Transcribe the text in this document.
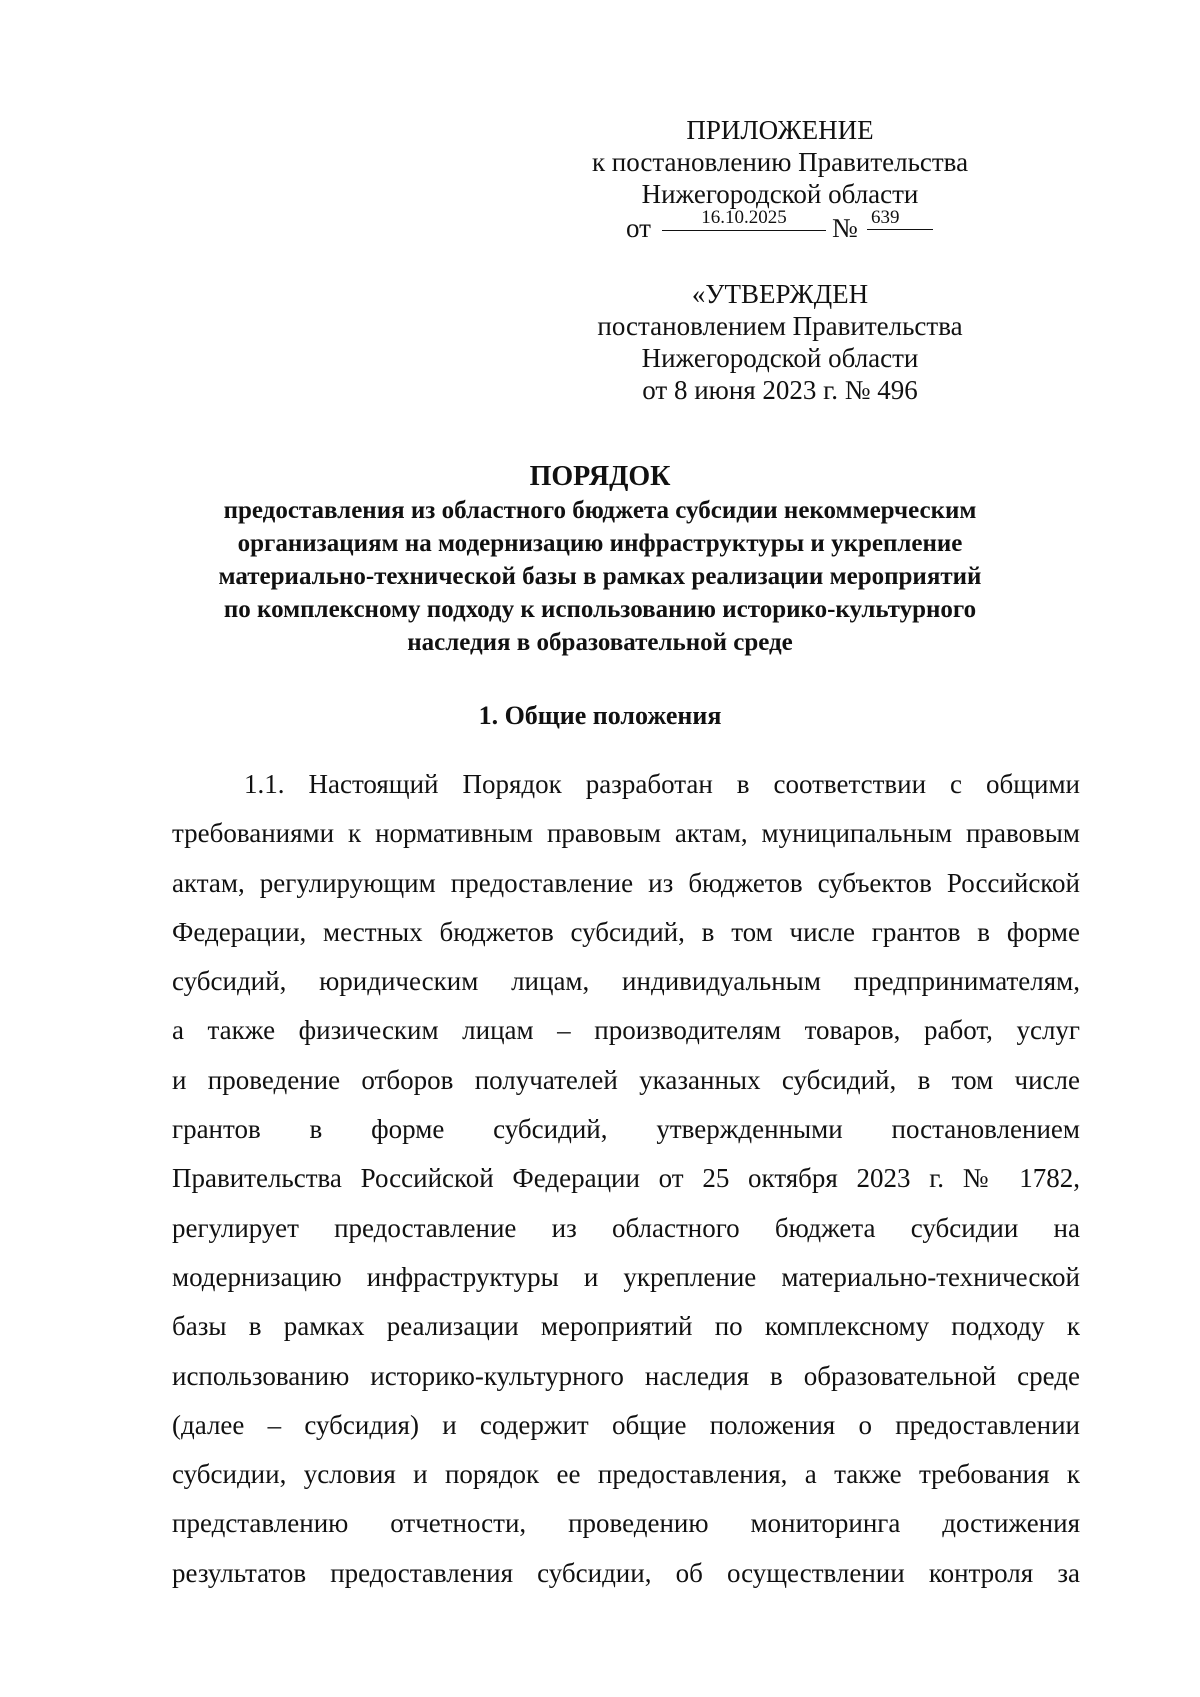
ПРИЛОЖЕНИЕ
к постановлению Правительства
Нижегородской области
от	16.10.2025	№ 639
«УТВЕРЖДЕН
постановлением Правительства
Нижегородской области
от 8 июня 2023 г. № 496
ПОРЯДОК
предоставления из областного бюджета субсидии некоммерческим
организациям на модернизацию инфраструктуры и укрепление
материально-технической базы в рамках реализации мероприятий
по комплексному подходу к использованию историко-культурного
наследия в образовательной среде
1. Общие положения
1.1. Настоящий Порядок разработан в соответствии с общими
требованиями к нормативным правовым актам, муниципальным правовым
актам, регулирующим предоставление из бюджетов субъектов Российской
Федерации, местных бюджетов субсидий, в том числе грантов в форме
субсидий, юридическим лицам, индивидуальным предпринимателям,
а также физическим лицам – производителям товаров, работ, услуг
и проведение отборов получателей указанных субсидий, в том числе
грантов в форме субсидий, утвержденными постановлением
Правительства Российской Федерации от 25 октября 2023 г. № 1782,
регулирует предоставление из областного бюджета субсидии на
модернизацию инфраструктуры и укрепление материально-технической
базы в рамках реализации мероприятий по комплексному подходу к
использованию историко-культурного наследия в образовательной среде
(далее – субсидия) и содержит общие положения о предоставлении
субсидии, условия и порядок ее предоставления, а также требования к
представлению отчетности, проведению мониторинга достижения
результатов предоставления субсидии, об осуществлении контроля за
